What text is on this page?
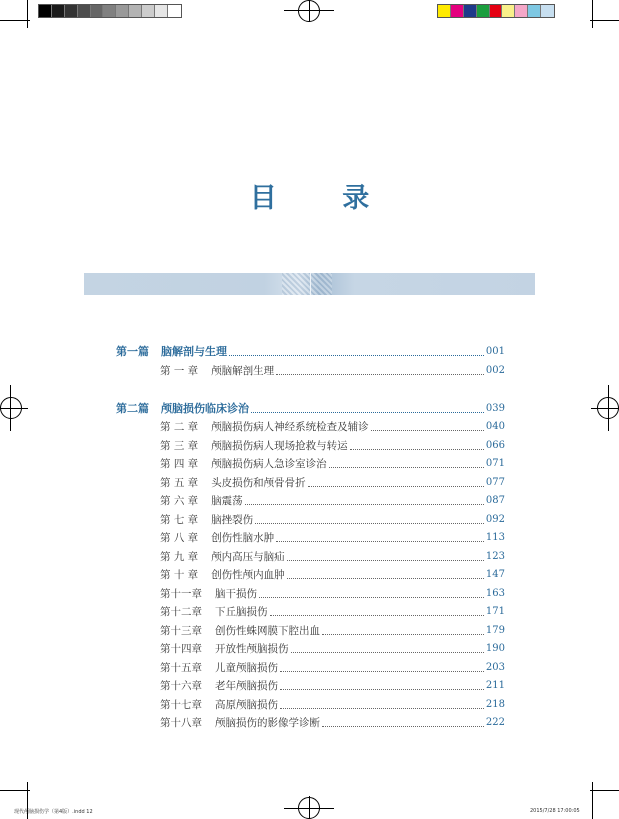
目 录
第一篇 脑解剖与生理	001
第 一 章 颅脑解剖生理	002
第二篇 颅脑损伤临床诊治	039
第 二 章 颅脑损伤病人神经系统检查及辅诊	040
第 三 章 颅脑损伤病人现场抢救与转运	066
第 四 章 颅脑损伤病人急诊室诊治	071
第 五 章 头皮损伤和颅骨骨折	077
第 六 章 脑震荡	087
第 七 章 脑挫裂伤	092
第 八 章 创伤性脑水肿	113
第 九 章 颅内高压与脑疝	123
第 十 章 创伤性颅内血肿	147
第十一章 脑干损伤	163
第十二章 下丘脑损伤	171
第十三章 创伤性蛛网膜下腔出血	179
第十四章 开放性颅脑损伤	190
第十五章 儿童颅脑损伤	203
第十六章 老年颅脑损伤	211
第十七章 高原颅脑损伤	218
第十八章 颅脑损伤的影像学诊断	222
现代颅脑损伤学（第4版）.indd 12	2015/7/28 17:00:05
